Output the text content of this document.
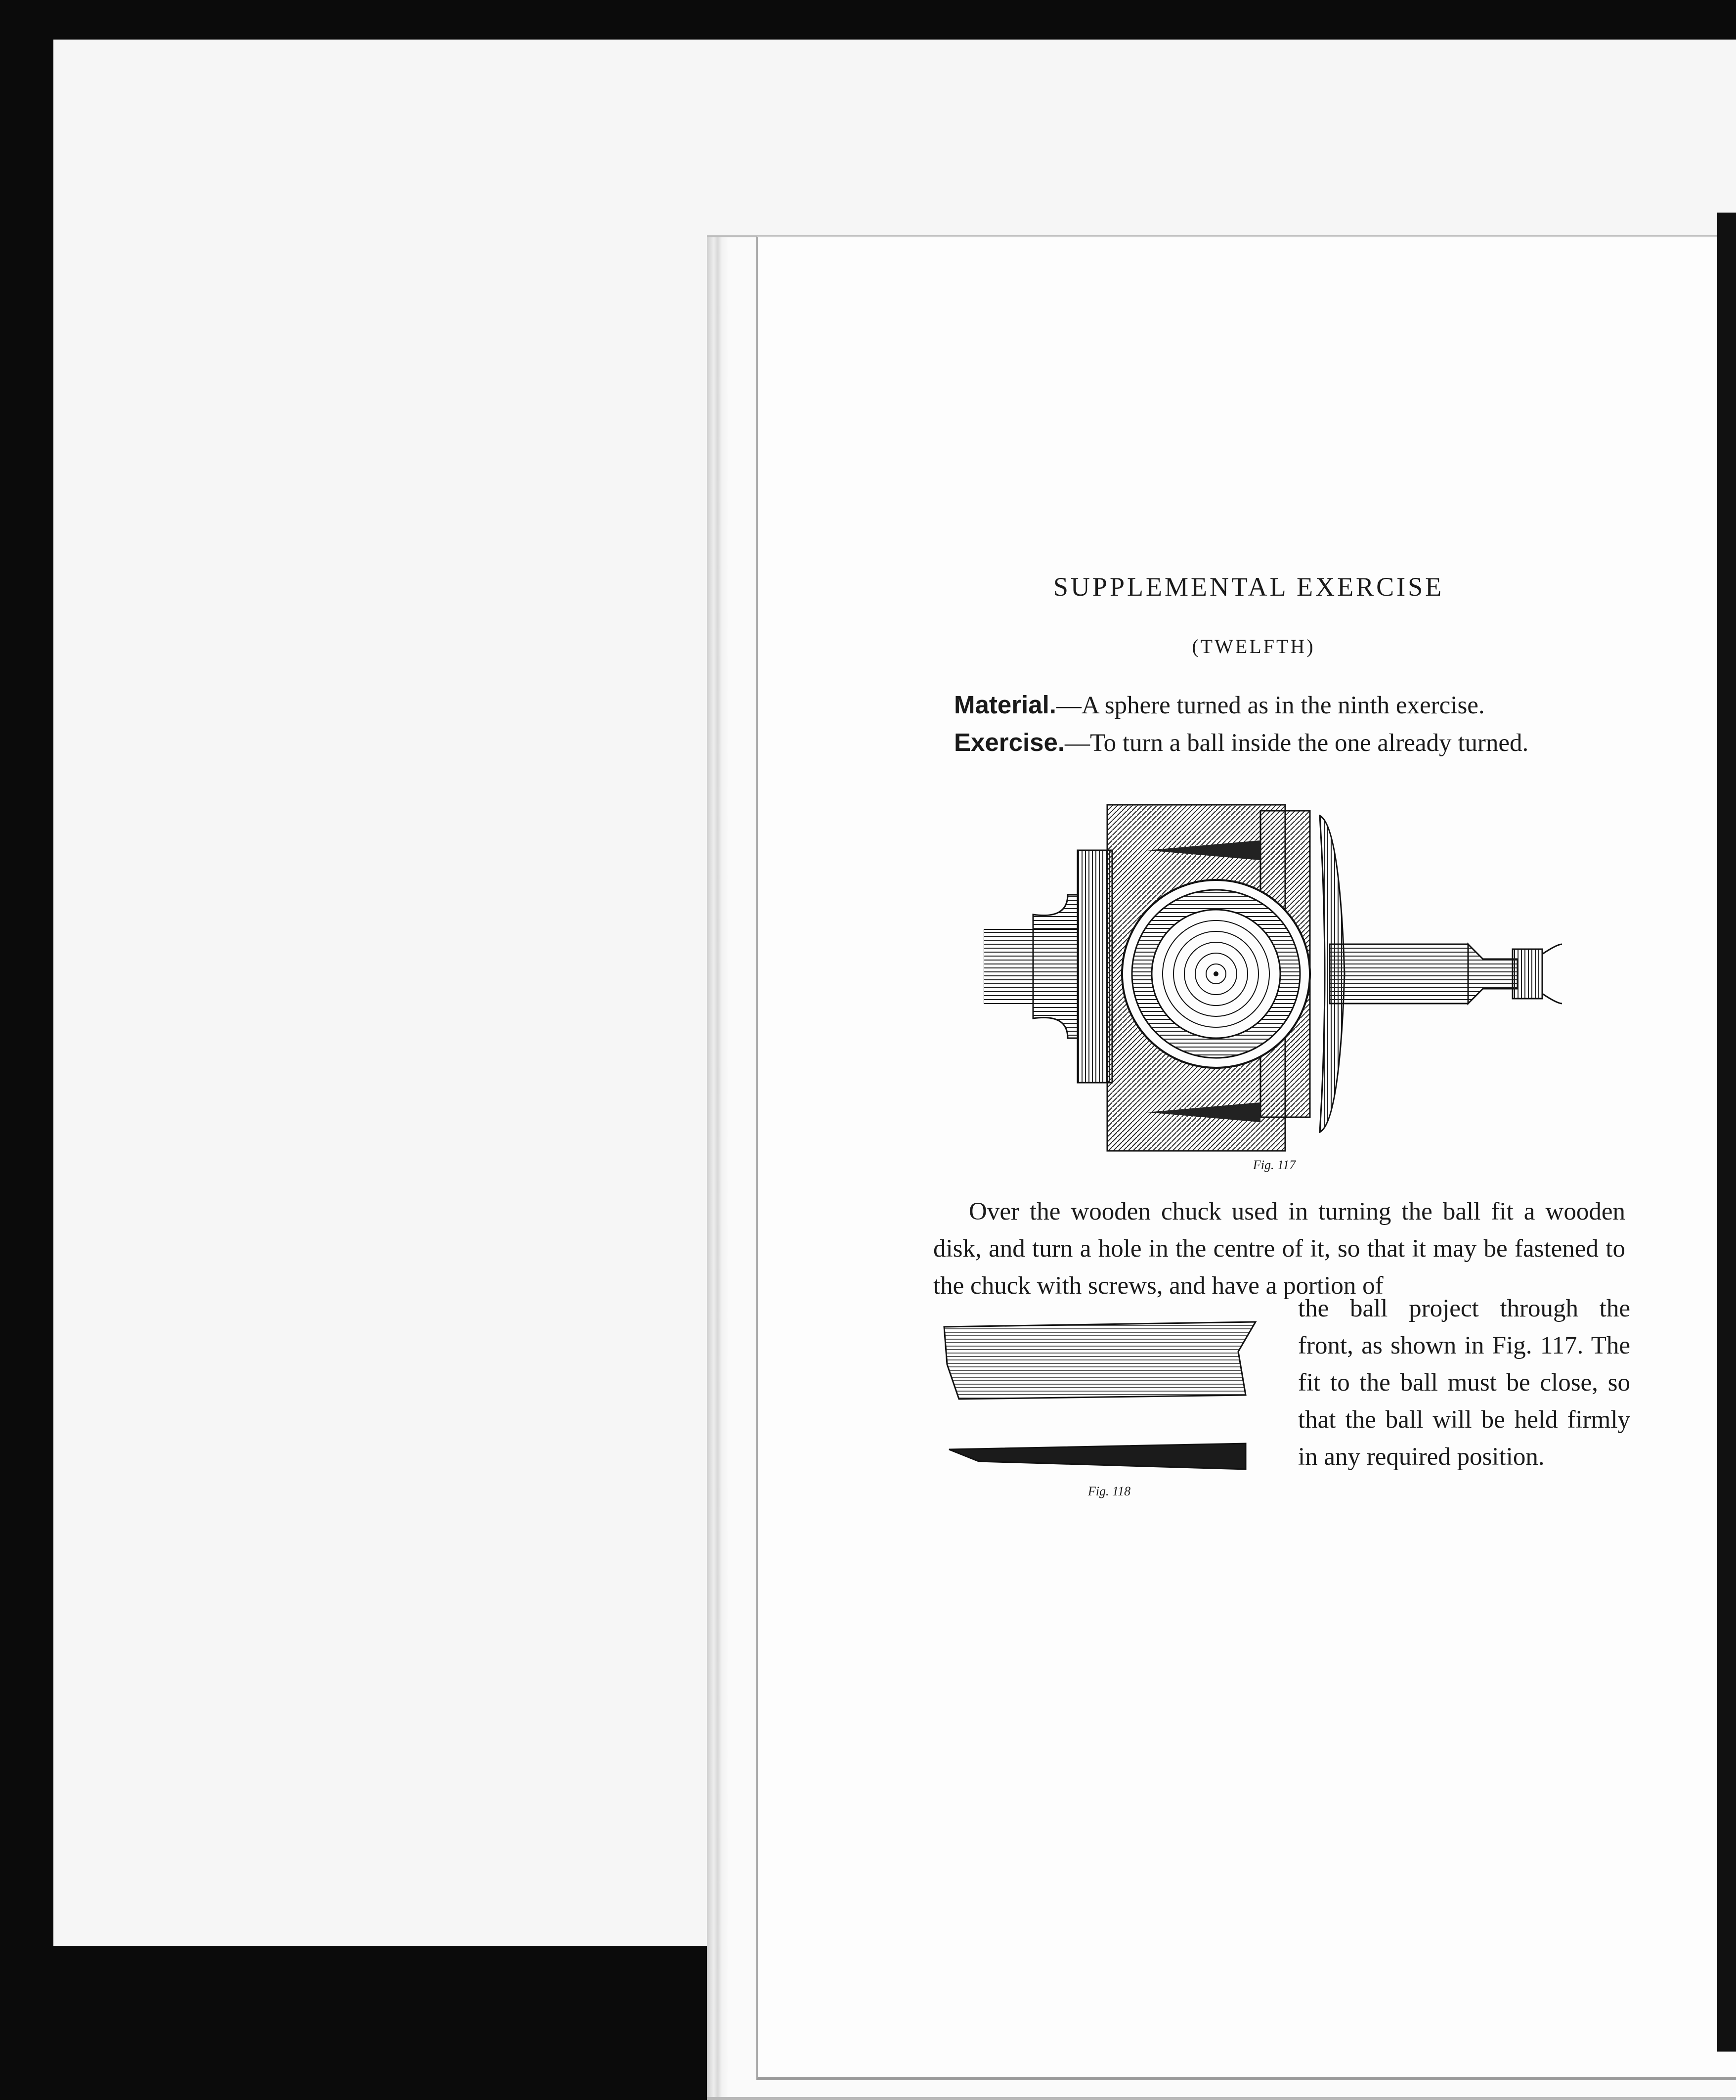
SUPPLEMENTAL EXERCISE
(TWELFTH)

Material.—A sphere turned as in the ninth exercise.

Exercise.—To turn a ball inside the one already turned.

Fig. 117

Over the wooden chuck used in turning the ball fit a wooden disk, and turn a hole in the centre of it, so that it may be fastened to the chuck with screws, and have a portion of

Fig. 118

the ball project through the front, as shown in Fig. 117. The fit to the ball must be close, so that the ball will be held firmly in any required position.
